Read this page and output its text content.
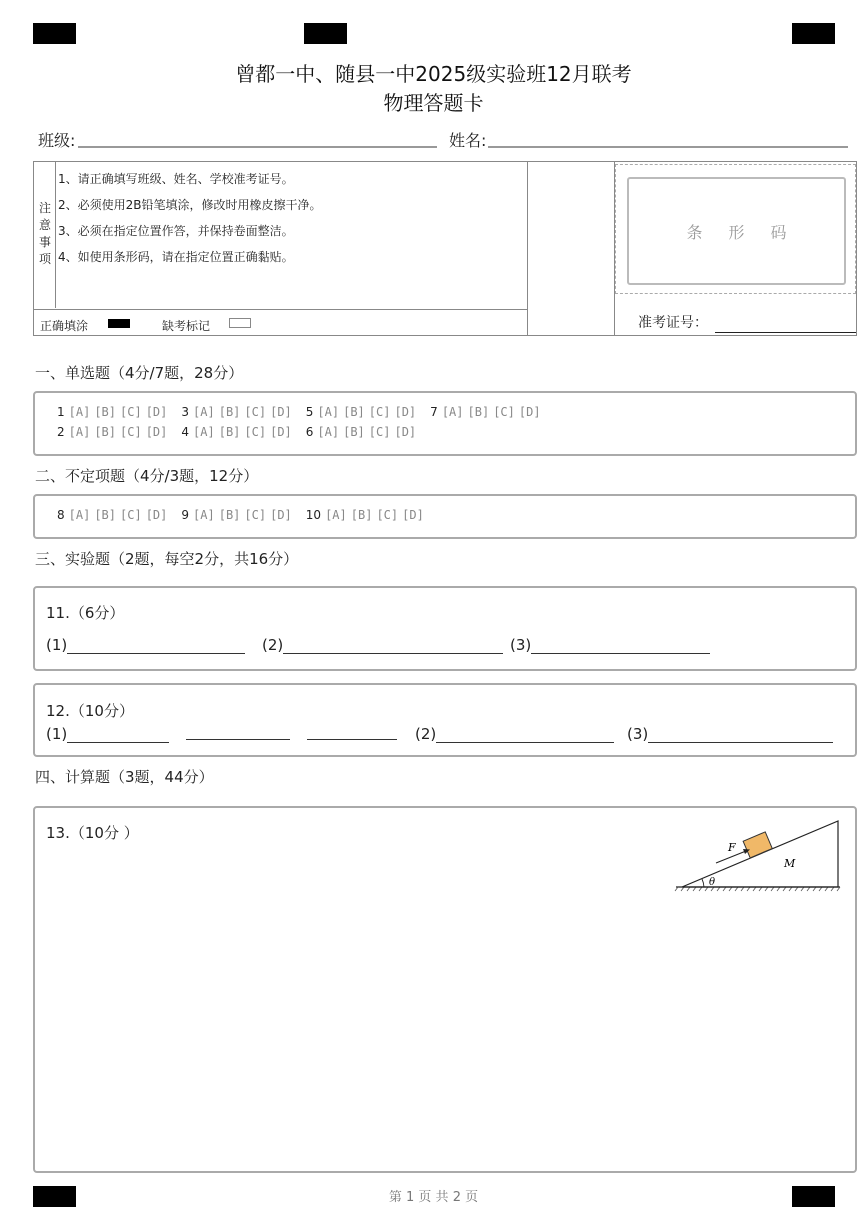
曾都一中、随县一中2025级实验班12月联考
物理答题卡
班级:	姓名:
注
意
事
项
1、请正确填写班级、姓名、学校准考证号。
2、必须使用2B铅笔填涂，修改时用橡皮擦干净。
3、必须在指定位置作答，并保持卷面整洁。
4、如使用条形码，请在指定位置正确黏贴。
正确填涂	缺考标记
条形码
准考证号：
一、单选题（4分/7题，28分）
1 [A] [B] [C] [D] 3 [A] [B] [C] [D] 5 [A] [B] [C] [D] 7 [A] [B] [C] [D]
2 [A] [B] [C] [D] 4 [A] [B] [C] [D] 6 [A] [B] [C] [D]
二、不定项题（4分/3题，12分）
8 [A] [B] [C] [D] 9 [A] [B] [C] [D] 10 [A] [B] [C] [D]
三、实验题（2题，每空2分，共16分）
11.（6分）
(1)	(2)	(3)
12.（10分）
(1)	(2)	(3)
四、计算题（3题，44分）
13.（10分 ）
F
M
θ
第 1 页 共 2 页
